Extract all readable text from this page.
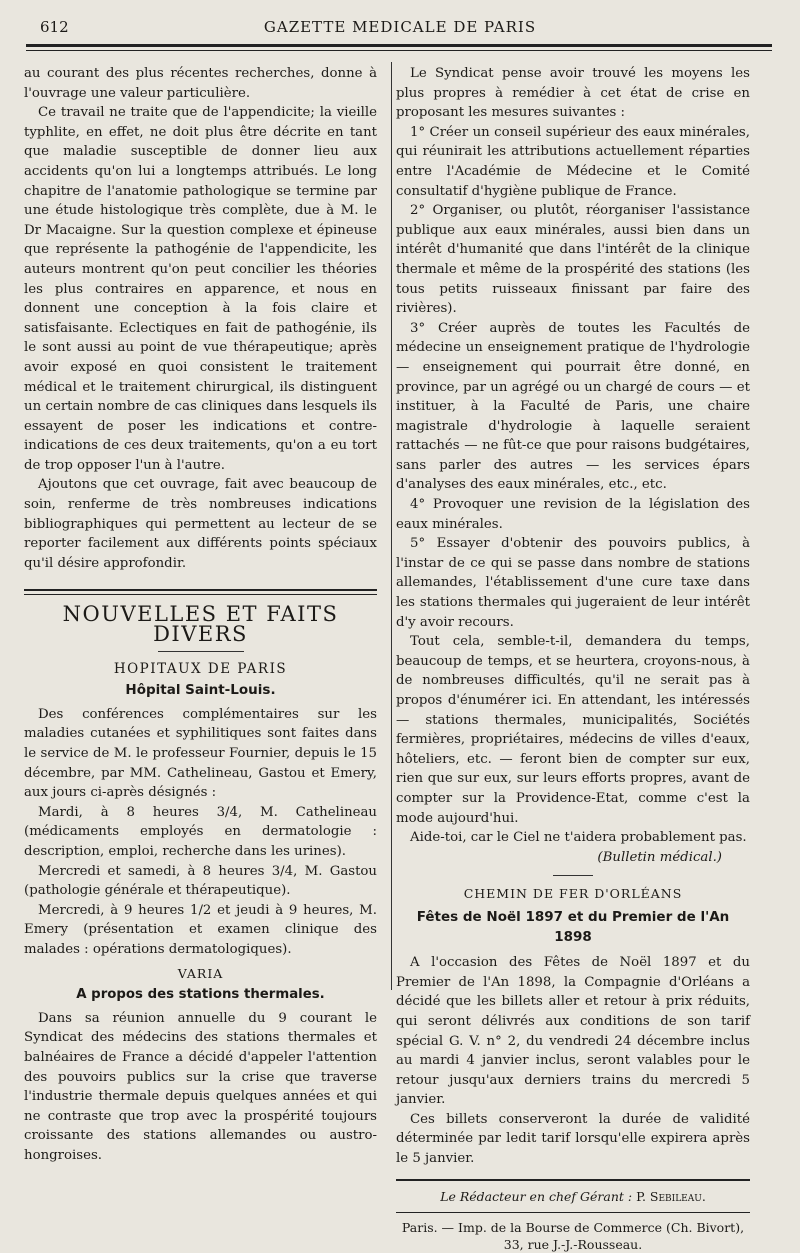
612	GAZETTE MEDICALE DE PARIS

au courant des plus récentes recherches, donne à l'ouvrage une valeur particulière.

Ce travail ne traite que de l'appendicite; la vieille typhlite, en effet, ne doit plus être décrite en tant que maladie susceptible de donner lieu aux accidents qu'on lui a longtemps attribués. Le long chapitre de l'anatomie pathologique se termine par une étude histologique très complète, due à M. le Dr Macaigne. Sur la question complexe et épineuse que représente la pathogénie de l'appendicite, les auteurs montrent qu'on peut concilier les théories les plus contraires en apparence, et nous en donnent une conception à la fois claire et satisfaisante. Eclectiques en fait de pathogénie, ils le sont aussi au point de vue thérapeutique; après avoir exposé en quoi consistent le traitement médical et le traitement chirurgical, ils distinguent un certain nombre de cas cliniques dans lesquels ils essayent de poser les indications et contre-indications de ces deux traitements, qu'on a eu tort de trop opposer l'un à l'autre.

Ajoutons que cet ouvrage, fait avec beaucoup de soin, renferme de très nombreuses indications bibliographiques qui permettent au lecteur de se reporter facilement aux différents points spéciaux qu'il désire approfondir.

NOUVELLES ET FAITS DIVERS
HOPITAUX DE PARIS
Hôpital Saint-Louis.

Des conférences complémentaires sur les maladies cutanées et syphilitiques sont faites dans le service de M. le professeur Fournier, depuis le 15 décembre, par MM. Cathelineau, Gastou et Emery, aux jours ci-après désignés :

Mardi, à 8 heures 3/4, M. Cathelineau (médicaments employés en dermatologie : description, emploi, recherche dans les urines).

Mercredi et samedi, à 8 heures 3/4, M. Gastou (pathologie générale et thérapeutique).

Mercredi, à 9 heures 1/2 et jeudi à 9 heures, M. Emery (présentation et examen clinique des malades : opérations dermatologiques).

VARIA
A propos des stations thermales.

Dans sa réunion annuelle du 9 courant le Syndicat des médecins des stations thermales et balnéaires de France a décidé d'appeler l'attention des pouvoirs publics sur la crise que traverse l'industrie thermale depuis quelques années et qui ne contraste que trop avec la prospérité toujours croissante des stations allemandes ou austro-hongroises.

Le Syndicat pense avoir trouvé les moyens les plus propres à remédier à cet état de crise en proposant les mesures suivantes :

1° Créer un conseil supérieur des eaux minérales, qui réunirait les attributions actuellement réparties entre l'Académie de Médecine et le Comité consultatif d'hygiène publique de France.

2° Organiser, ou plutôt, réorganiser l'assistance publique aux eaux minérales, aussi bien dans un intérêt d'humanité que dans l'intérêt de la clinique thermale et même de la prospérité des stations (les tous petits ruisseaux finissant par faire des rivières).

3° Créer auprès de toutes les Facultés de médecine un enseignement pratique de l'hydrologie — enseignement qui pourrait être donné, en province, par un agrégé ou un chargé de cours — et instituer, à la Faculté de Paris, une chaire magistrale d'hydrologie à laquelle seraient rattachés — ne fût-ce que pour raisons budgétaires, sans parler des autres — les services épars d'analyses des eaux minérales, etc., etc.

4° Provoquer une revision de la législation des eaux minérales.

5° Essayer d'obtenir des pouvoirs publics, à l'instar de ce qui se passe dans nombre de stations allemandes, l'établissement d'une cure taxe dans les stations thermales qui jugeraient de leur intérêt d'y avoir recours.

Tout cela, semble-t-il, demandera du temps, beaucoup de temps, et se heurtera, croyons-nous, à de nombreuses difficultés, qu'il ne serait pas à propos d'énumérer ici. En attendant, les intéressés — stations thermales, municipalités, Sociétés fermières, propriétaires, médecins de villes d'eaux, hôteliers, etc. — feront bien de compter sur eux, rien que sur eux, sur leurs efforts propres, avant de compter sur la Providence-Etat, comme c'est la mode aujourd'hui.

Aide-toi, car le Ciel ne t'aidera probablement pas.

(Bulletin médical.)
CHEMIN DE FER D'ORLÉANS
Fêtes de Noël 1897 et du Premier de l'An 1898

A l'occasion des Fêtes de Noël 1897 et du Premier de l'An 1898, la Compagnie d'Orléans a décidé que les billets aller et retour à prix réduits, qui seront délivrés aux conditions de son tarif spécial G. V. n° 2, du vendredi 24 décembre inclus au mardi 4 janvier inclus, seront valables pour le retour jusqu'aux derniers trains du mercredi 5 janvier.

Ces billets conserveront la durée de validité déterminée par ledit tarif lorsqu'elle expirera après le 5 janvier.

Le Rédacteur en chef Gérant : P. Sebileau.
Paris. — Imp. de la Bourse de Commerce (Ch. Bivort),
33, rue J.-J.-Rousseau.
